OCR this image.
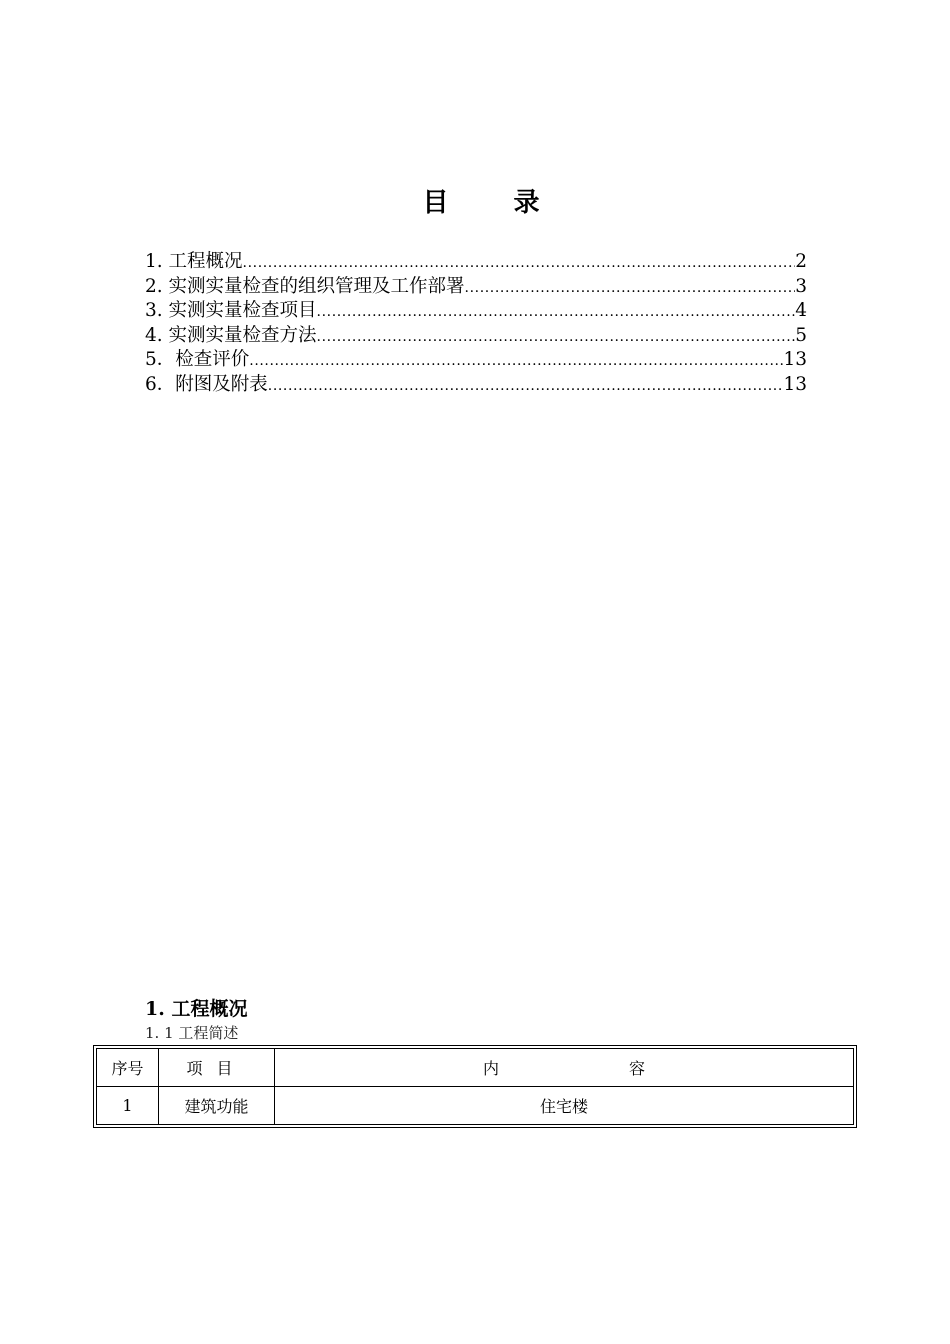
目 录
1. 工程概况 .....	2
2. 实测实量检查的组织管理及工作部署 .....	3
3. 实测实量检查项目 .....	4
4. 实测实量检查方法 .....	5
5．检查评价 .....	13
6．附图及附表 .....	13
1. 工程概况
1. 1 工程简述
序号	项目	内容
1	建筑功能	住宅楼
